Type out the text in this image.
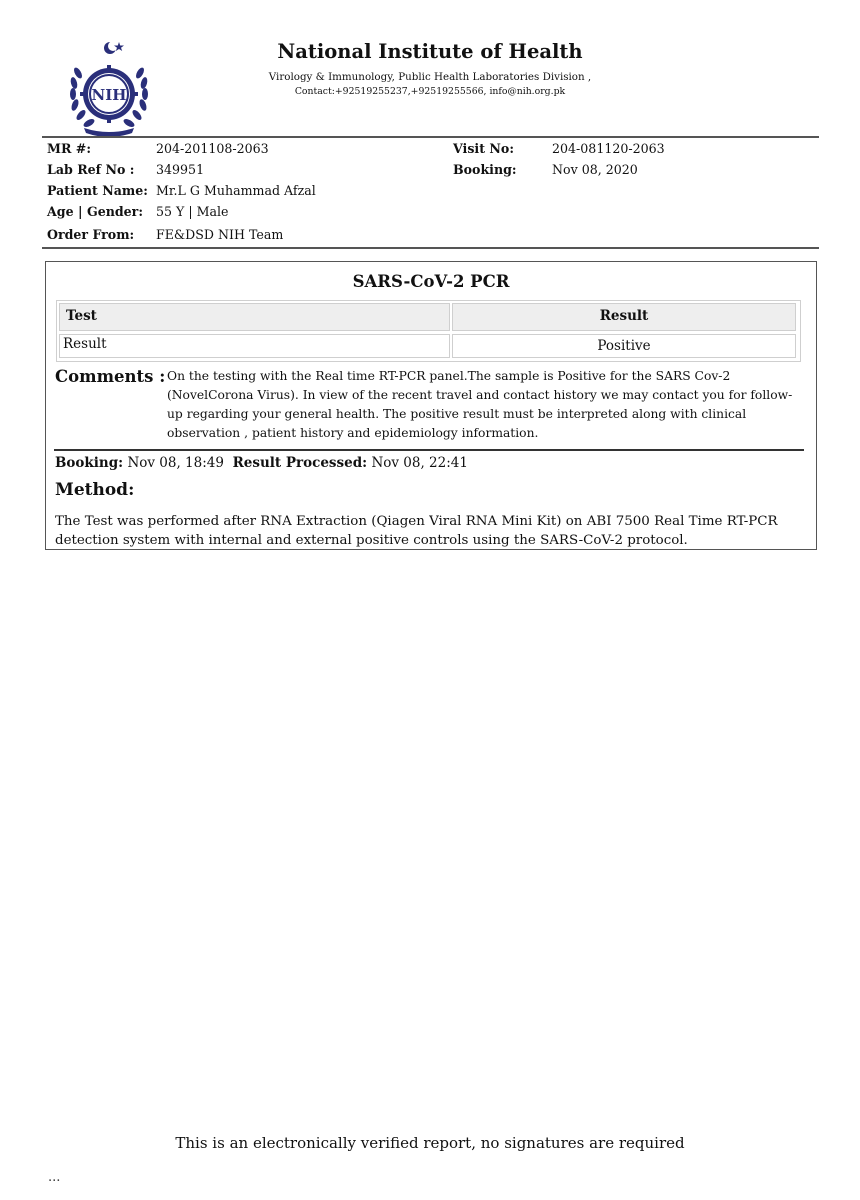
NIH
National Institute of Health
Virology & Immunology, Public Health Laboratories Division ,
Contact:+92519255237,+92519255566, info@nih.org.pk
MR #:	204-201108-2063	Visit No:	204-081120-2063
Lab Ref No : 349951	Booking:	Nov 08, 2020
Patient Name: Mr.L G Muhammad Afzal
Age | Gender: 55 Y | Male
Order From: FE&DSD NIH Team
SARS-CoV-2 PCR
Test	Result
Result	Positive
Comments : On the testing with the Real time RT-PCR panel.The sample is Positive for the SARS Cov-2 (NovelCorona Virus). In view of the recent travel and contact history we may contact you for follow-up regarding your general health. The positive result must be interpreted along with clinical observation , patient history and epidemiology information.
Booking: Nov 08, 18:49 Result Processed: Nov 08, 22:41
Method:
The Test was performed after RNA Extraction (Qiagen Viral RNA Mini Kit) on ABI 7500 Real Time RT-PCR detection system with internal and external positive controls using the SARS-CoV-2 protocol.
This is an electronically verified report, no signatures are required
...
